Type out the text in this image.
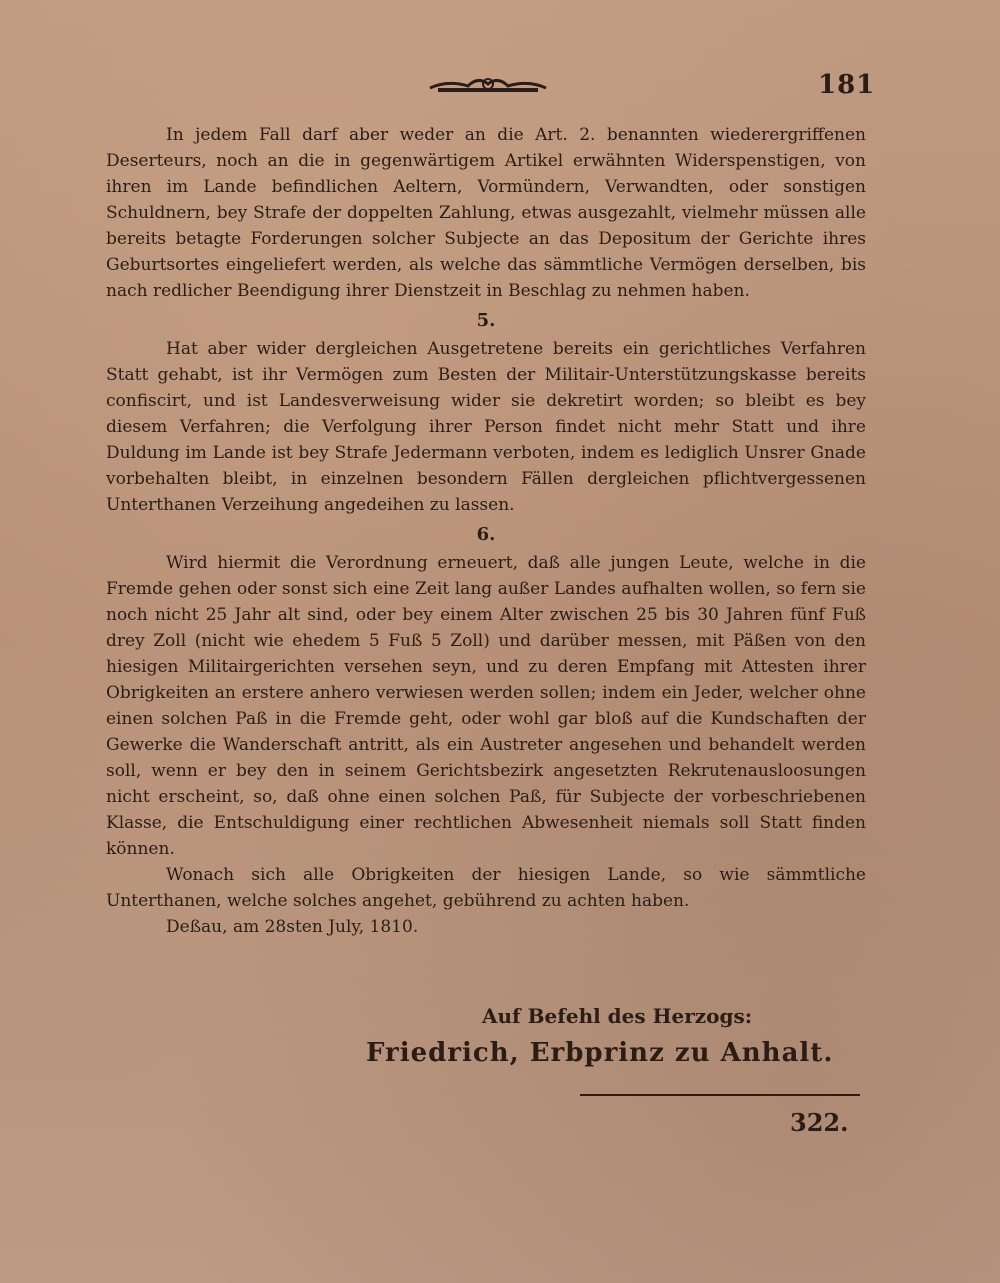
181

In jedem Fall darf aber weder an die Art. 2. benannten wiederergriffenen Deserteurs, noch an die in gegenwärtigem Artikel erwähnten Widerspenstigen, von ihren im Lande befindlichen Aeltern, Vormündern, Verwandten, oder sonstigen Schuldnern, bey Strafe der doppelten Zahlung, etwas ausgezahlt, vielmehr müssen alle bereits betagte Forderungen solcher Subjecte an das Depositum der Gerichte ihres Geburtsortes eingeliefert werden, als welche das sämmtliche Vermögen derselben, bis nach redlicher Beendigung ihrer Dienstzeit in Beschlag zu nehmen haben.

5.

Hat aber wider dergleichen Ausgetretene bereits ein gerichtliches Verfahren Statt gehabt, ist ihr Vermögen zum Besten der Militair-Unterstützungskasse bereits confiscirt, und ist Landesverweisung wider sie dekretirt worden; so bleibt es bey diesem Verfahren; die Verfolgung ihrer Person findet nicht mehr Statt und ihre Duldung im Lande ist bey Strafe Jedermann verboten, indem es lediglich Unsrer Gnade vorbehalten bleibt, in einzelnen besondern Fällen dergleichen pflichtvergessenen Unterthanen Verzeihung angedeihen zu lassen.

6.

Wird hiermit die Verordnung erneuert, daß alle jungen Leute, welche in die Fremde gehen oder sonst sich eine Zeit lang außer Landes aufhalten wollen, so fern sie noch nicht 25 Jahr alt sind, oder bey einem Alter zwischen 25 bis 30 Jahren fünf Fuß drey Zoll (nicht wie ehedem 5 Fuß 5 Zoll) und darüber messen, mit Päßen von den hiesigen Militairgerichten versehen seyn, und zu deren Empfang mit Attesten ihrer Obrigkeiten an erstere anhero verwiesen werden sollen; indem ein Jeder, welcher ohne einen solchen Paß in die Fremde geht, oder wohl gar bloß auf die Kundschaften der Gewerke die Wanderschaft antritt, als ein Austreter angesehen und behandelt werden soll, wenn er bey den in seinem Gerichtsbezirk angesetzten Rekrutenausloosungen nicht erscheint, so, daß ohne einen solchen Paß, für Subjecte der vorbeschriebenen Klasse, die Entschuldigung einer rechtlichen Abwesenheit niemals soll Statt finden können.

Wonach sich alle Obrigkeiten der hiesigen Lande, so wie sämmtliche Unterthanen, welche solches angehet, gebührend zu achten haben.

Deßau, am 28sten July, 1810.

Auf Befehl des Herzogs:
Friedrich, Erbprinz zu Anhalt.
322.
